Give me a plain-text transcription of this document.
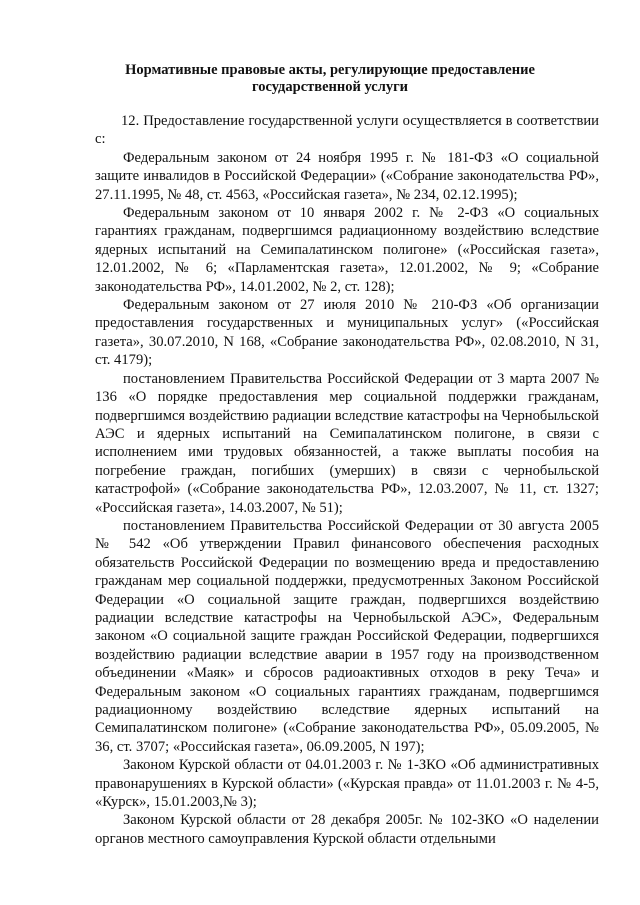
Нормативные правовые акты, регулирующие предоставление
государственной услуги

12. Предоставление государственной услуги осуществляется в соответствии с:

Федеральным законом от 24 ноября 1995 г. № 181-ФЗ «О социальной защите инвалидов в Российской Федерации» («Собрание законодательства РФ», 27.11.1995, № 48, ст. 4563, «Российская газета», № 234, 02.12.1995);

Федеральным законом от 10 января 2002 г. № 2-ФЗ «О социальных гарантиях гражданам, подвергшимся радиационному воздействию вследствие ядерных испытаний на Семипалатинском полигоне» («Российская газета», 12.01.2002, № 6; «Парламентская газета», 12.01.2002, № 9; «Собрание законодательства РФ», 14.01.2002, № 2, ст. 128);

Федеральным законом от 27 июля 2010 № 210-ФЗ «Об организации предоставления государственных и муниципальных услуг» («Российская газета», 30.07.2010, N 168, «Собрание законодательства РФ», 02.08.2010, N 31, ст. 4179);

постановлением Правительства Российской Федерации от 3 марта 2007 № 136 «О порядке предоставления мер социальной поддержки гражданам, подвергшимся воздействию радиации вследствие катастрофы на Чернобыльской АЭС и ядерных испытаний на Семипалатинском полигоне, в связи с исполнением ими трудовых обязанностей, а также выплаты пособия на погребение граждан, погибших (умерших) в связи с чернобыльской катастрофой» («Собрание законодательства РФ», 12.03.2007, № 11, ст. 1327; «Российская газета», 14.03.2007, № 51);

постановлением Правительства Российской Федерации от 30 августа 2005 № 542 «Об утверждении Правил финансового обеспечения расходных обязательств Российской Федерации по возмещению вреда и предоставлению гражданам мер социальной поддержки, предусмотренных Законом Российской Федерации «О социальной защите граждан, подвергшихся воздействию радиации вследствие катастрофы на Чернобыльской АЭС», Федеральным законом «О социальной защите граждан Российской Федерации, подвергшихся воздействию радиации вследствие аварии в 1957 году на производственном объединении «Маяк» и сбросов радиоактивных отходов в реку Теча» и Федеральным законом «О социальных гарантиях гражданам, подвергшимся радиационному воздействию вследствие ядерных испытаний на Семипалатинском полигоне» («Собрание законодательства РФ», 05.09.2005, № 36, ст. 3707; «Российская газета», 06.09.2005, N 197);

Законом Курской области от 04.01.2003 г. № 1-ЗКО «Об административных правонарушениях в Курской области» («Курская правда» от 11.01.2003 г. № 4-5, «Курск», 15.01.2003,№ 3);

Законом Курской области от 28 декабря 2005г. № 102-ЗКО «О наделении органов местного самоуправления Курской области отдельными
